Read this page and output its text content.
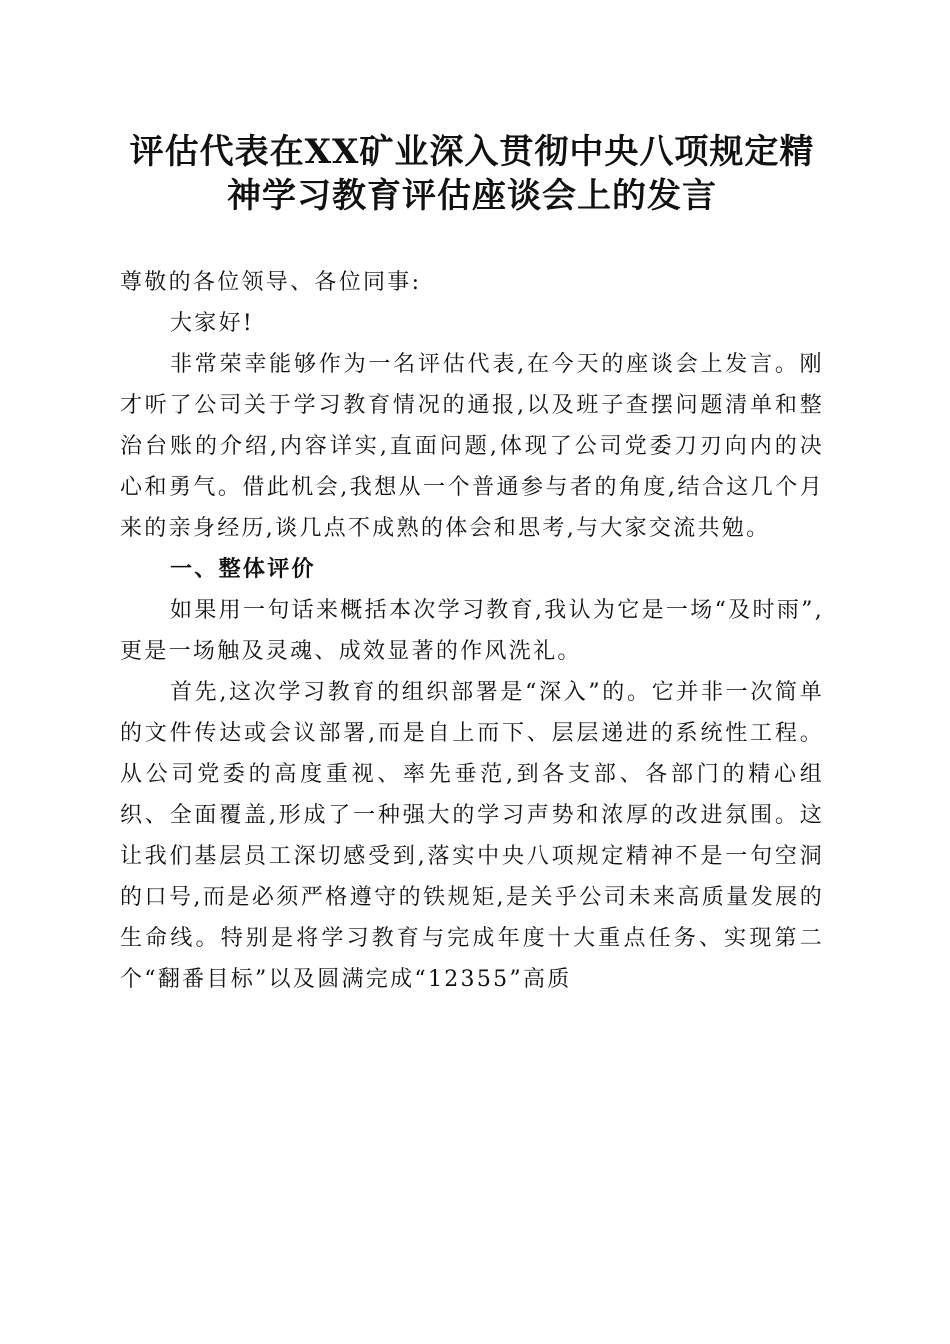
评估代表在XX矿业深入贯彻中央八项规定精
神学习教育评估座谈会上的发言

尊敬的各位领导、各位同事:

大家好!

非常荣幸能够作为一名评估代表,在今天的座谈会上发言。刚才听了公司关于学习教育情况的通报,以及班子查摆问题清单和整治台账的介绍,内容详实,直面问题,体现了公司党委刀刃向内的决心和勇气。借此机会,我想从一个普通参与者的角度,结合这几个月来的亲身经历,谈几点不成熟的体会和思考,与大家交流共勉。

一、整体评价

如果用一句话来概括本次学习教育,我认为它是一场“及时雨”,更是一场触及灵魂、成效显著的作风洗礼。

首先,这次学习教育的组织部署是“深入”的。它并非一次简单的文件传达或会议部署,而是自上而下、层层递进的系统性工程。从公司党委的高度重视、率先垂范,到各支部、各部门的精心组织、全面覆盖,形成了一种强大的学习声势和浓厚的改进氛围。这让我们基层员工深切感受到,落实中央八项规定精神不是一句空洞的口号,而是必须严格遵守的铁规矩,是关乎公司未来高质量发展的生命线。特别是将学习教育与完成年度十大重点任务、实现第二个“翻番目标”以及圆满完成“12355”高质
